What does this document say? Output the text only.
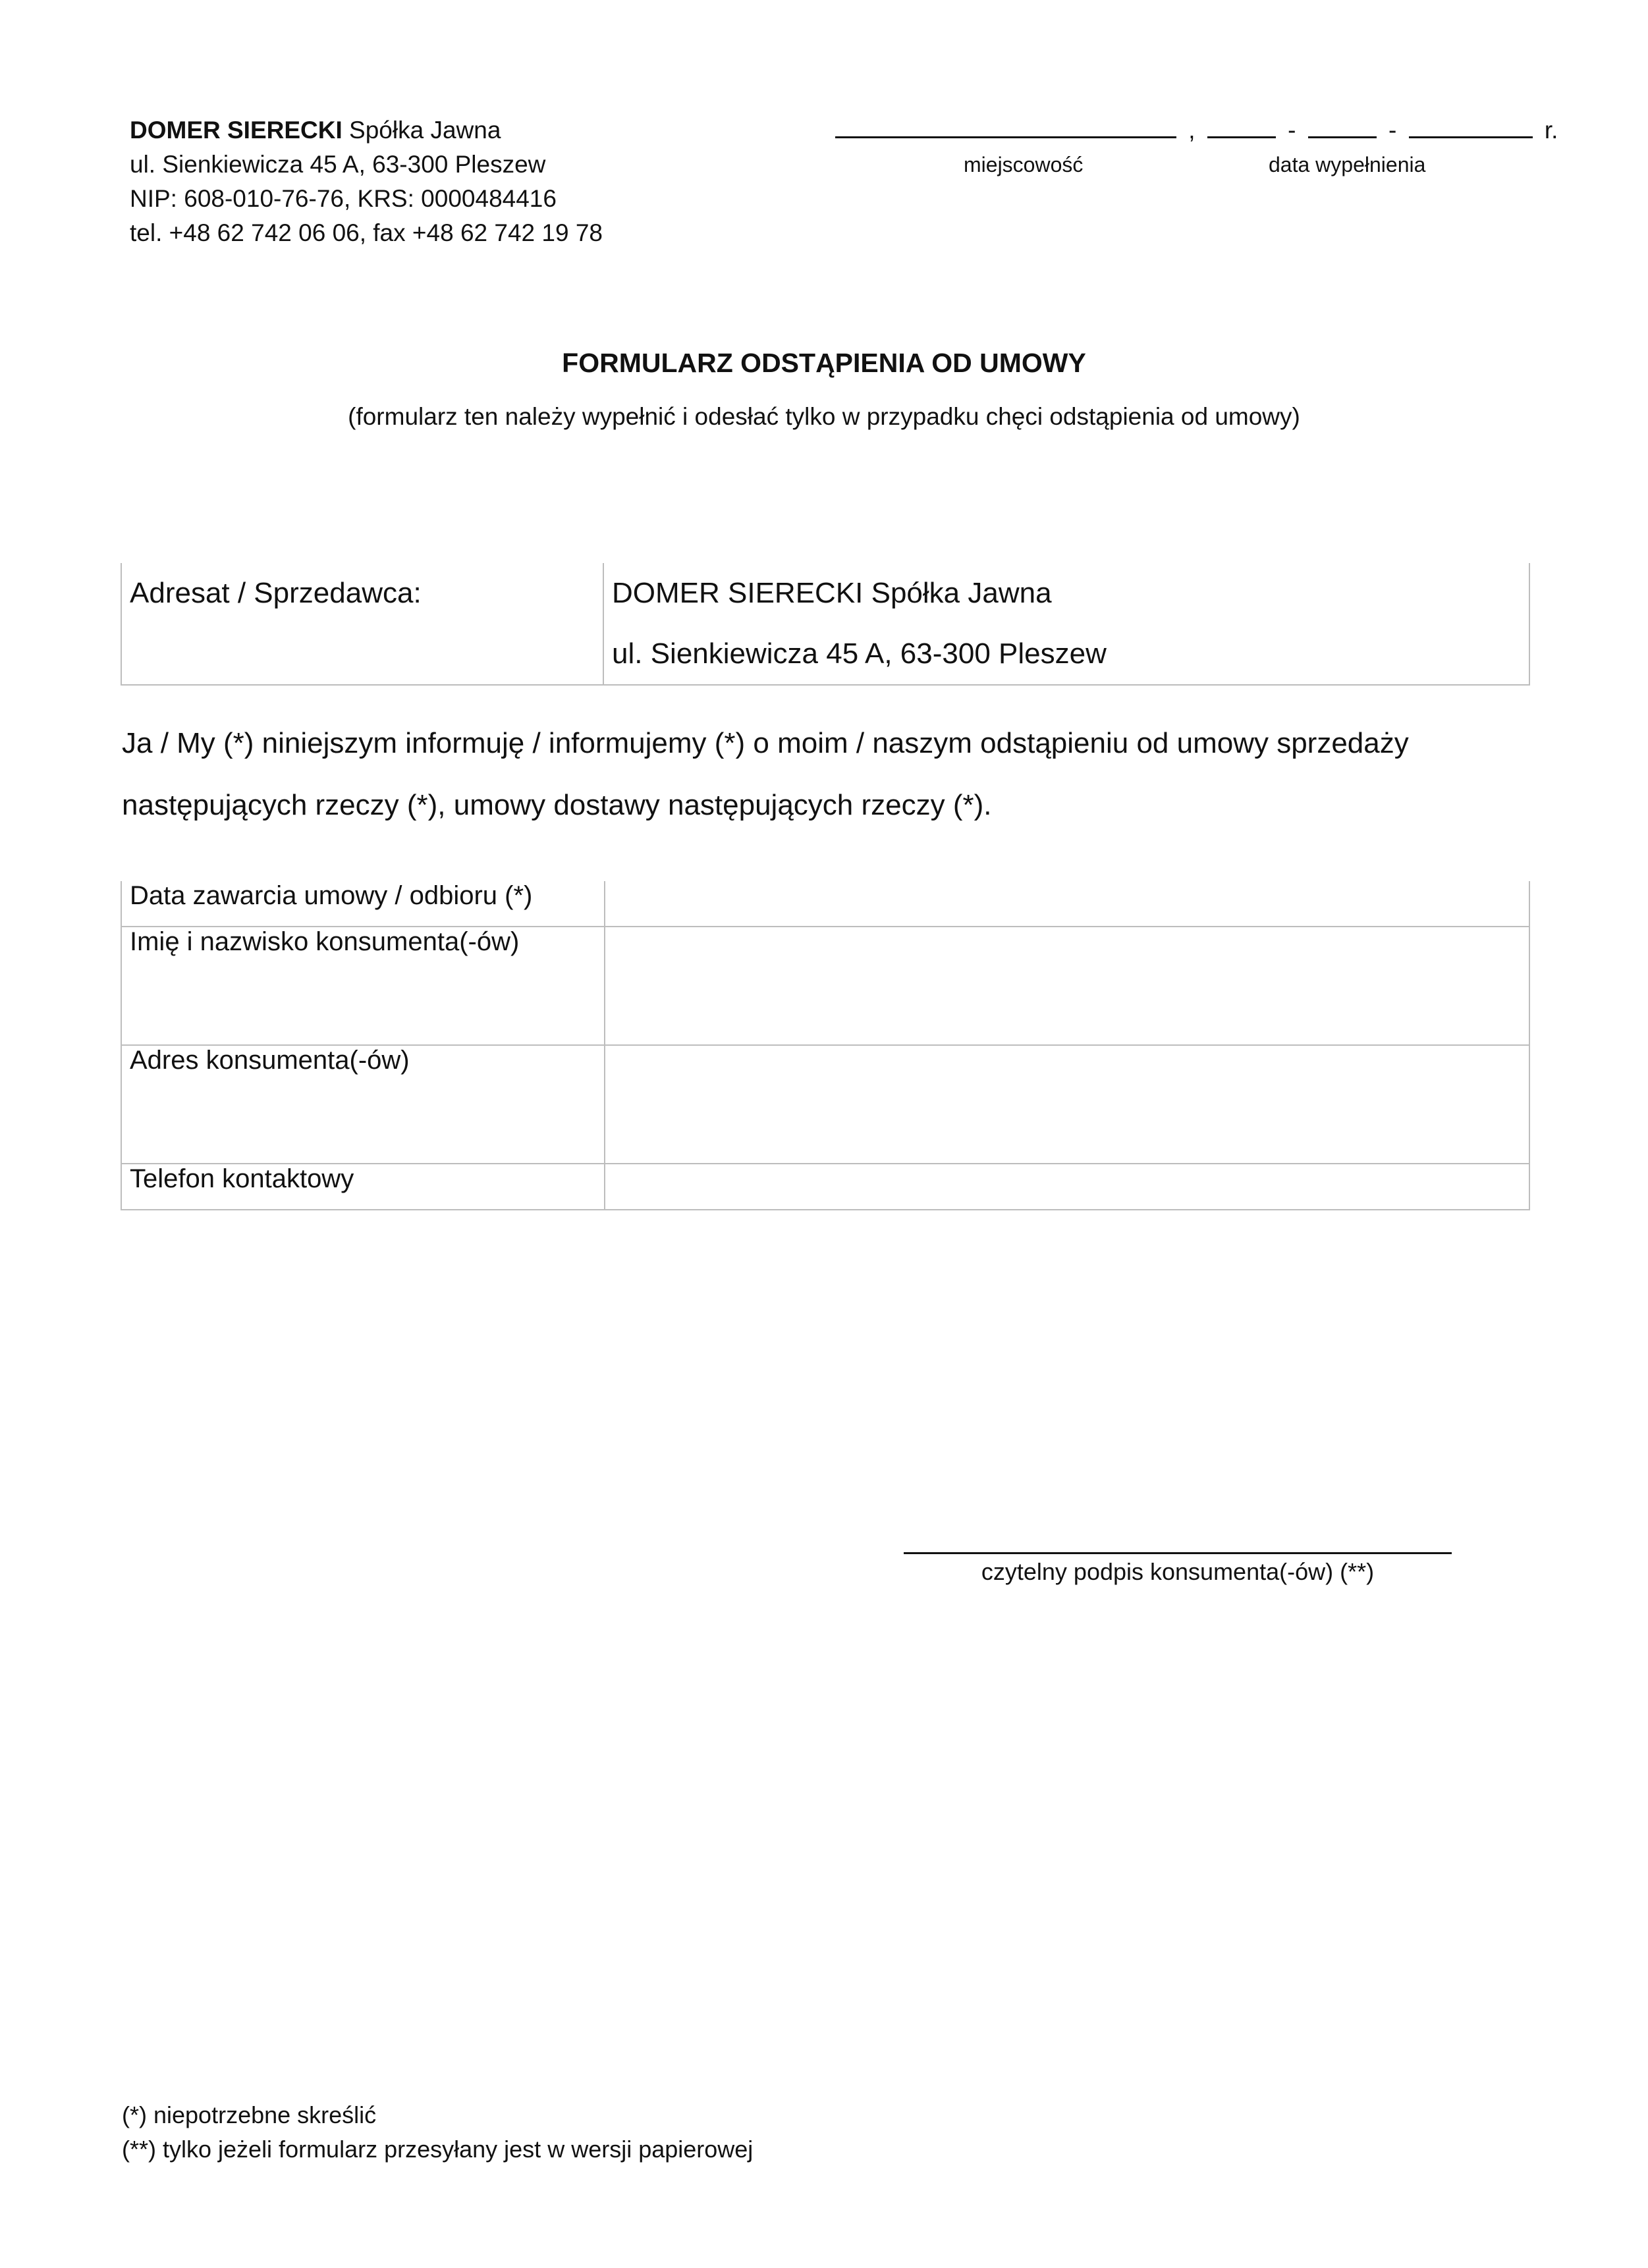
DOMER SIERECKI Spółka Jawna
ul. Sienkiewicza 45 A, 63-300 Pleszew
NIP: 608-010-76-76, KRS: 0000484416
tel. +48 62 742 06 06, fax +48 62 742 19 78
,	-	-	r.
miejscowość	data wypełnienia
FORMULARZ ODSTĄPIENIA OD UMOWY
(formularz ten należy wypełnić i odesłać tylko w przypadku chęci odstąpienia od umowy)
Adresat / Sprzedawca:	DOMER SIERECKI Spółka Jawna
ul. Sienkiewicza 45 A, 63-300 Pleszew
Ja / My (*) niniejszym informuję / informujemy (*) o moim / naszym odstąpieniu od umowy sprzedaży następujących rzeczy (*), umowy dostawy następujących rzeczy (*).
Data zawarcia umowy / odbioru (*)	
Imię i nazwisko konsumenta(-ów)	
Adres konsumenta(-ów)	
Telefon kontaktowy	
czytelny podpis konsumenta(-ów) (**)
(*) niepotrzebne skreślić
(**) tylko jeżeli formularz przesyłany jest w wersji papierowej
